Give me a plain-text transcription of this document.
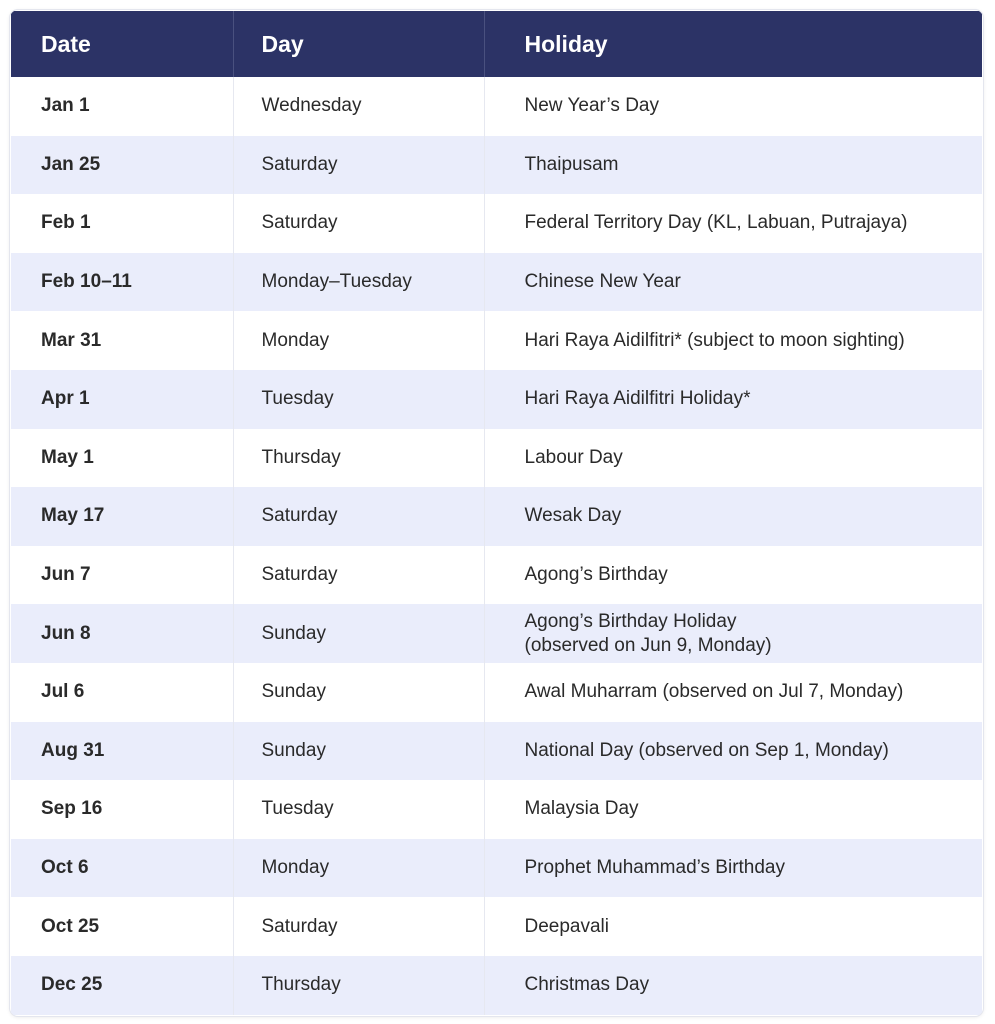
Date	Day	Holiday
Jan 1	Wednesday	New Year’s Day
Jan 25	Saturday	Thaipusam
Feb 1	Saturday	Federal Territory Day (KL, Labuan, Putrajaya)
Feb 10–11	Monday–Tuesday	Chinese New Year
Mar 31	Monday	Hari Raya Aidilfitri* (subject to moon sighting)
Apr 1	Tuesday	Hari Raya Aidilfitri Holiday*
May 1	Thursday	Labour Day
May 17	Saturday	Wesak Day
Jun 7	Saturday	Agong’s Birthday
Jun 8	Sunday	Agong’s Birthday Holiday
(observed on Jun 9, Monday)

Jul 6	Sunday	Awal Muharram (observed on Jul 7, Monday)
Aug 31	Sunday	National Day (observed on Sep 1, Monday)
Sep 16	Tuesday	Malaysia Day
Oct 6	Monday	Prophet Muhammad’s Birthday
Oct 25	Saturday	Deepavali
Dec 25	Thursday	Christmas Day
